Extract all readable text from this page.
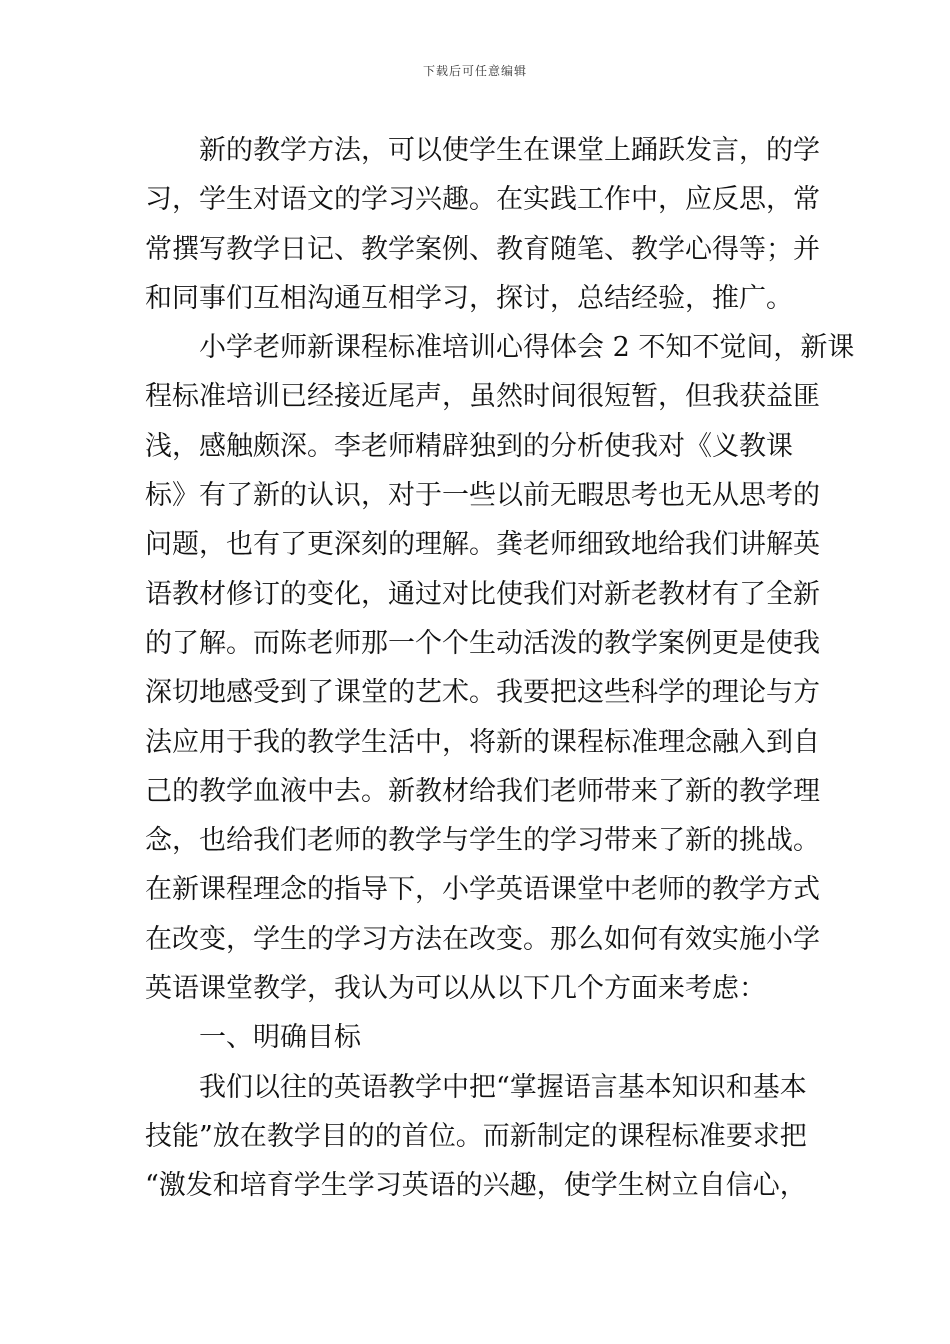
下载后可任意编辑
新的教学方法，可以使学生在课堂上踊跃发言，的学
习，学生对语文的学习兴趣。在实践工作中，应反思，常
常撰写教学日记、教学案例、教育随笔、教学心得等；并
和同事们互相沟通互相学习，探讨，总结经验，推广。
小学老师新课程标准培训心得体会 2 不知不觉间，新课
程标准培训已经接近尾声，虽然时间很短暂，但我获益匪
浅，感触颇深。李老师精辟独到的分析使我对《义教课
标》有了新的认识，对于一些以前无暇思考也无从思考的
问题，也有了更深刻的理解。龚老师细致地给我们讲解英
语教材修订的变化，通过对比使我们对新老教材有了全新
的了解。而陈老师那一个个生动活泼的教学案例更是使我
深切地感受到了课堂的艺术。我要把这些科学的理论与方
法应用于我的教学生活中，将新的课程标准理念融入到自
己的教学血液中去。新教材给我们老师带来了新的教学理
念，也给我们老师的教学与学生的学习带来了新的挑战。
在新课程理念的指导下，小学英语课堂中老师的教学方式
在改变，学生的学习方法在改变。那么如何有效实施小学
英语课堂教学，我认为可以从以下几个方面来考虑：
一、明确目标
我们以往的英语教学中把“掌握语言基本知识和基本
技能”放在教学目的的首位。而新制定的课程标准要求把
“激发和培育学生学习英语的兴趣，使学生树立自信心，
